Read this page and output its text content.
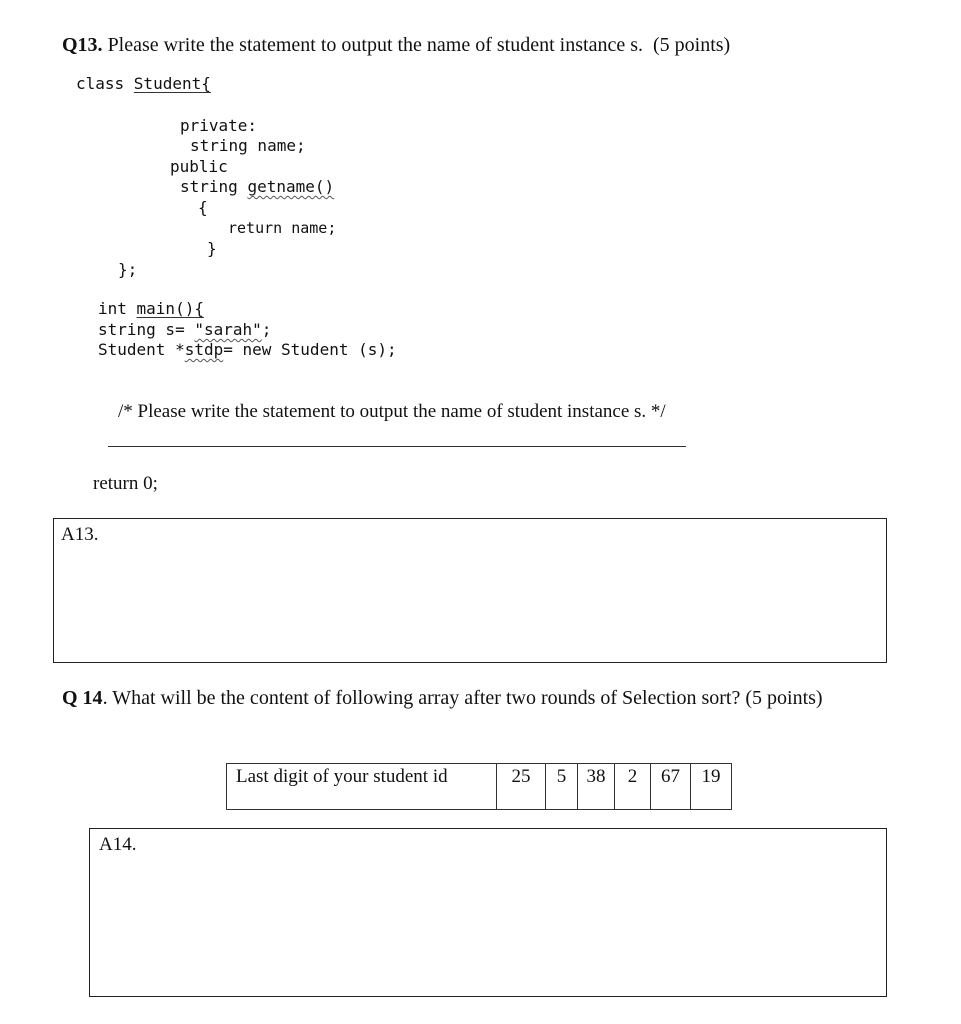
Q13. Please write the statement to output the name of student instance s.  (5 points)
class Student{
private:
string name;
public
string getname()
{
return name;
}
};
int main(){
string s= "sarah";
Student *stdp= new Student (s);
/* Please write the statement to output the name of student instance s. */
return 0;
A13.
Q 14. What will be the content of following array after two rounds of Selection sort? (5 points)
Last digit of your student id	25	5	38	2	67	19
A14.
